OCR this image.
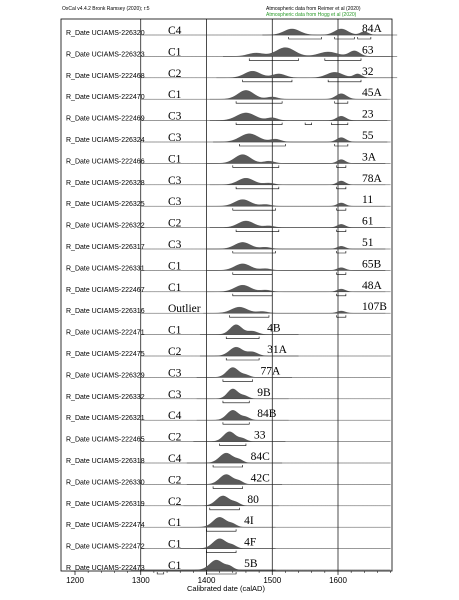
OxCal v4.4.2 Bronk Ramsey (2020); r:5	Atmospheric data from Reimer et al (2020)
Atmospheric data from Hogg et al (2020)
R_Date UCIAMS-226320 C4	84A
R_Date UCIAMS-226323 C1	63
R_Date UCIAMS-222468 C2	32
R_Date UCIAMS-222470 C1	45A
R_Date UCIAMS-222469 C3	23
R_Date UCIAMS-226324 C3	55
R_Date UCIAMS-222466 C1	3A
R_Date UCIAMS-226328 C3	78A
R_Date UCIAMS-226325 C3	11
R_Date UCIAMS-226322 C2	61
R_Date UCIAMS-226317 C3	51
R_Date UCIAMS-226331 C1	65B
R_Date UCIAMS-222467 C1	48A
R_Date UCIAMS-226316 Outlier	107B
R_Date UCIAMS-222471 C1	4B
R_Date UCIAMS-222475 C2	31A
R_Date UCIAMS-226329 C3	77A
R_Date UCIAMS-226332 C3	9B
R_Date UCIAMS-226321 C4	84B
R_Date UCIAMS-222465 C2	33
R_Date UCIAMS-226318 C4	84C
R_Date UCIAMS-226330 C2	42C
R_Date UCIAMS-226319 C2	80
R_Date UCIAMS-222474 C1	4I
R_Date UCIAMS-222472 C1	4F
R_Date UCIAMS-222473 C1	5B
1200	1300	1400	1500	1600
Calibrated date (calAD)
